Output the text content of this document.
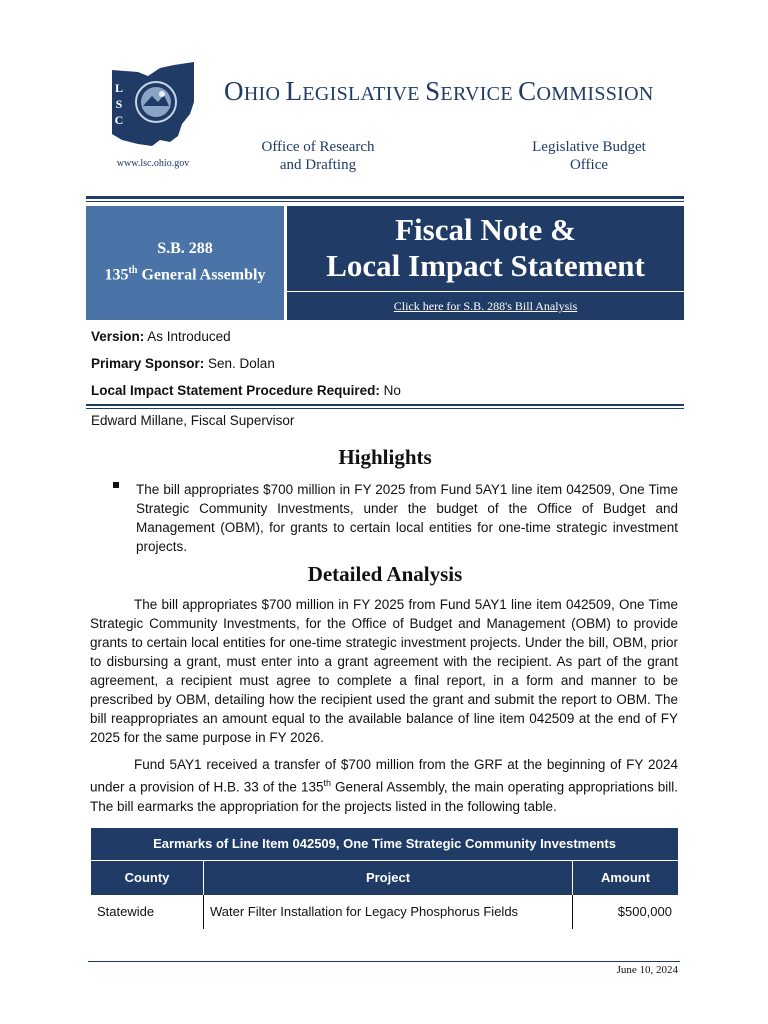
L
S
C
www.lsc.ohio.gov
OHIO LEGISLATIVE SERVICE COMMISSION
Office of Research
and Drafting
Legislative Budget
Office
S.B. 288
135th General Assembly
Fiscal Note &
Local Impact Statement
Click here for S.B. 288's Bill Analysis
Version: As Introduced
Primary Sponsor: Sen. Dolan
Local Impact Statement Procedure Required: No
Edward Millane, Fiscal Supervisor
Highlights
The bill appropriates $700 million in FY 2025 from Fund 5AY1 line item 042509, One Time Strategic Community Investments, under the budget of the Office of Budget and Management (OBM), for grants to certain local entities for one-time strategic investment projects.
Detailed Analysis
The bill appropriates $700 million in FY 2025 from Fund 5AY1 line item 042509, One Time Strategic Community Investments, for the Office of Budget and Management (OBM) to provide grants to certain local entities for one-time strategic investment projects. Under the bill, OBM, prior to disbursing a grant, must enter into a grant agreement with the recipient. As part of the grant agreement, a recipient must agree to complete a final report, in a form and manner to be prescribed by OBM, detailing how the recipient used the grant and submit the report to OBM. The bill reappropriates an amount equal to the available balance of line item 042509 at the end of FY 2025 for the same purpose in FY 2026.
Fund 5AY1 received a transfer of $700 million from the GRF at the beginning of FY 2024 under a provision of H.B. 33 of the 135th General Assembly, the main operating appropriations bill. The bill earmarks the appropriation for the projects listed in the following table.
Earmarks of Line Item 042509, One Time Strategic Community Investments
County	Project	Amount
Statewide	Water Filter Installation for Legacy Phosphorus Fields	$500,000
June 10, 2024
